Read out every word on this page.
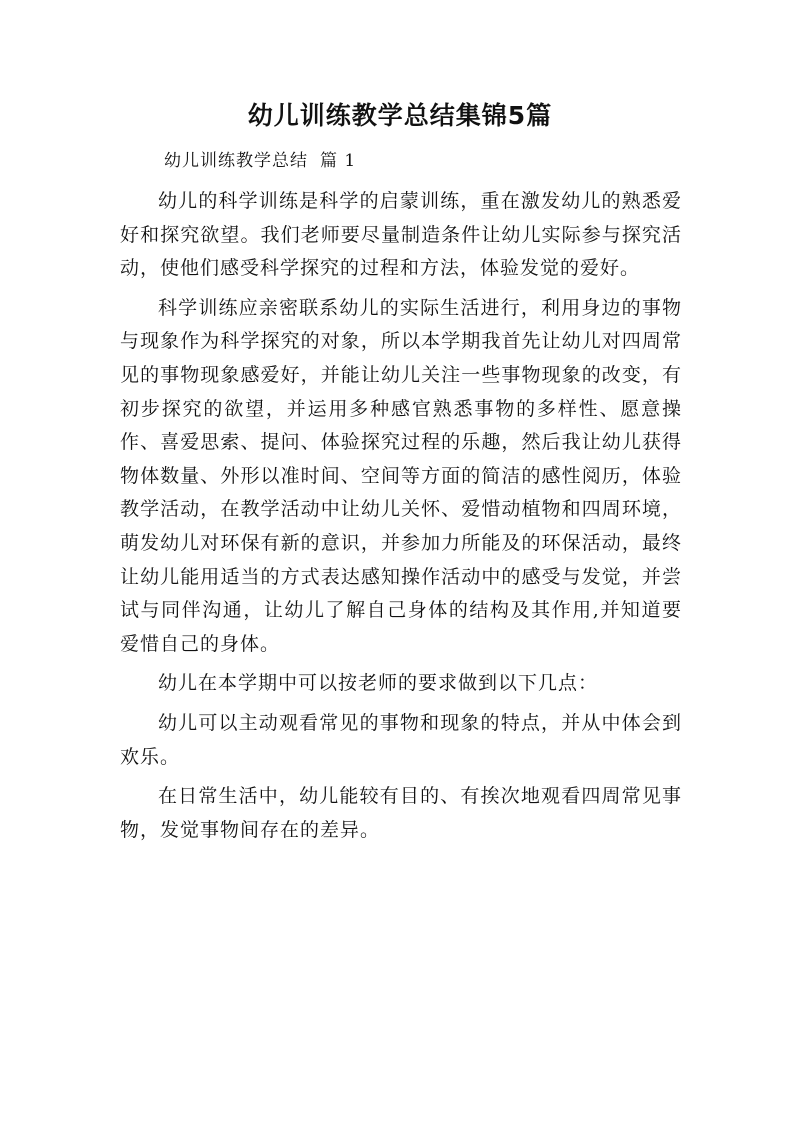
幼儿训练教学总结集锦5篇
幼儿训练教学总结 篇 1

幼儿的科学训练是科学的启蒙训练，重在激发幼儿的熟悉爱好和探究欲望。我们老师要尽量制造条件让幼儿实际参与探究活动，使他们感受科学探究的过程和方法，体验发觉的爱好。

科学训练应亲密联系幼儿的实际生活进行，利用身边的事物与现象作为科学探究的对象，所以本学期我首先让幼儿对四周常见的事物现象感爱好，并能让幼儿关注一些事物现象的改变，有初步探究的欲望，并运用多种感官熟悉事物的多样性、愿意操作、喜爱思索、提问、体验探究过程的乐趣，然后我让幼儿获得物体数量、外形以准时间、空间等方面的简洁的感性阅历，体验教学活动，在教学活动中让幼儿关怀、爱惜动植物和四周环境，萌发幼儿对环保有新的意识，并参加力所能及的环保活动，最终让幼儿能用适当的方式表达感知操作活动中的感受与发觉，并尝试与同伴沟通，让幼儿了解自己身体的结构及其作用,并知道要爱惜自己的身体。

幼儿在本学期中可以按老师的要求做到以下几点：

幼儿可以主动观看常见的事物和现象的特点，并从中体会到欢乐。

在日常生活中，幼儿能较有目的、有挨次地观看四周常见事物，发觉事物间存在的差异。
